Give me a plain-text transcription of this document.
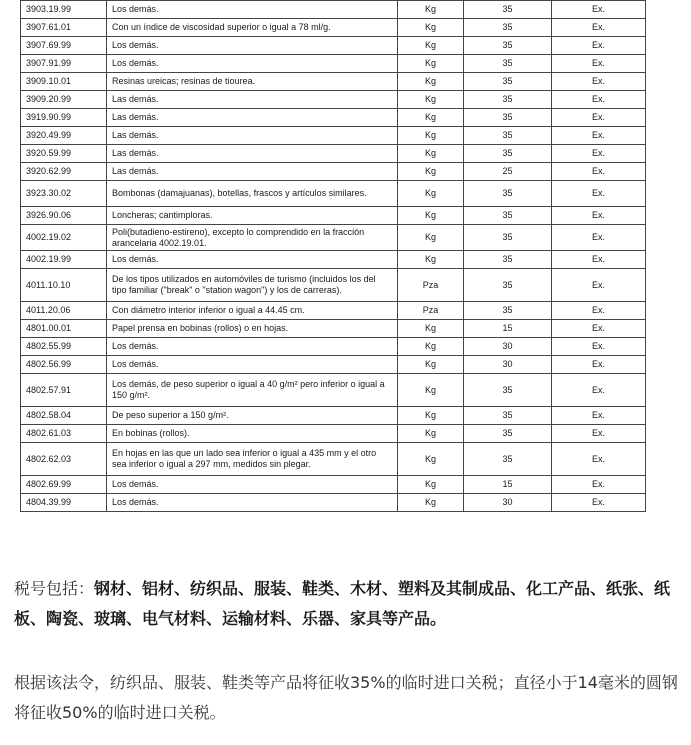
3903.19.99	Los demás.	Kg	35	Ex.
3907.61.01	Con un índice de viscosidad superior o igual a 78 ml/g.	Kg	35	Ex.
3907.69.99	Los demás.	Kg	35	Ex.
3907.91.99	Los demás.	Kg	35	Ex.
3909.10.01	Resinas ureicas; resinas de tiourea.	Kg	35	Ex.
3909.20.99	Las demás.	Kg	35	Ex.
3919.90.99	Las demás.	Kg	35	Ex.
3920.49.99	Las demás.	Kg	35	Ex.
3920.59.99	Las demás.	Kg	35	Ex.
3920.62.99	Las demás.	Kg	25	Ex.
3923.30.02	Bombonas (damajuanas), botellas, frascos y artículos similares.	Kg	35	Ex.
3926.90.06	Loncheras; cantimploras.	Kg	35	Ex.
4002.19.02	Poli(butadieno-estireno), excepto lo comprendido en la fracción arancelaria 4002.19.01.	Kg	35	Ex.
4002.19.99	Los demás.	Kg	35	Ex.
4011.10.10	De los tipos utilizados en automóviles de turismo (incluidos los del tipo familiar ("break" o "station wagon") y los de carreras).	Pza	35	Ex.
4011.20.06	Con diámetro interior inferior o igual a 44.45 cm.	Pza	35	Ex.
4801.00.01	Papel prensa en bobinas (rollos) o en hojas.	Kg	15	Ex.
4802.55.99	Los demás.	Kg	30	Ex.
4802.56.99	Los demás.	Kg	30	Ex.
4802.57.91	Los demás, de peso superior o igual a 40 g/m² pero inferior o igual a 150 g/m².	Kg	35	Ex.
4802.58.04	De peso superior a 150 g/m².	Kg	35	Ex.
4802.61.03	En bobinas (rollos).	Kg	35	Ex.
4802.62.03	En hojas en las que un lado sea inferior o igual a 435 mm y el otro sea inferior o igual a 297 mm, medidos sin plegar.	Kg	35	Ex.
4802.69.99	Los demás.	Kg	15	Ex.
4804.39.99	Los demás.	Kg	30	Ex.

税号包括：钢材、铝材、纺织品、服装、鞋类、木材、塑料及其制成品、化工产品、纸张、纸板、陶瓷、玻璃、电气材料、运输材料、乐器、家具等产品。

根据该法令，纺织品、服装、鞋类等产品将征收35%的临时进口关税；直径小于14毫米的圆钢将征收50%的临时进口关税。
